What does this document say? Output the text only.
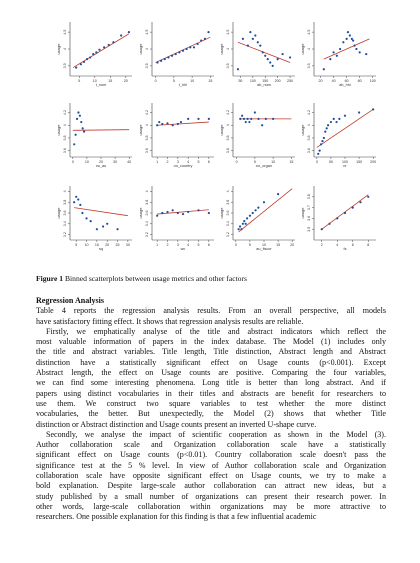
3.5
4
4.5
usage
5	10	15	20
t_num
3.5
4
4.5
usage
0	5	10	15
t_hhi
3.5
4
4.5
usage
50 100 150 200 250
ab_num
3.5
4
4.5
usage
20	40	60	80 100
ab_hhi
3.6
3.8
4
4.2
usage
0	10	20	30	40
no_au
3.6
3.8
4
4.2
usage
1 2 3 4 5 6
no_country
3.6
3.8
4
4.2
usage
0	5	10	15
no_organ
3.6
3.8
4
4.2
usage
0	50	100 150 200
nr
3.2
3.4
3.6
3.8
4
usage
5 10 15 20 25 30
sq
3.2
3.4
3.6
3.8
4
usage
1 2 3 4 5 6
wc
3.2
3.4
3.6
3.8
4
usage
0	5	10	15	20
au_fiscor
3.5
3.6
3.7
3.8
usage
2	4	6	8
fs
Figure 1 Binned scatterplots between usage metrics and other factors

Regression Analysis

Table 4 reports the regression analysis results. From an overall perspective, all models

have satisfactory fitting effect. It shows that regression analysis results are reliable.

Firstly, we emphatically analyse of the title and abstract indicators which reflect the

most valuable information of papers in the index database. The Model (1) includes only

the title and abstract variables. Title length, Title distinction, Abstract length and Abstract

distinction have a statistically significant effect on Usage counts (p<0.001). Except

Abstract length, the effect on Usage counts are positive. Comparing the four variables,

we can find some interesting phenomena. Long title is better than long abstract. And if

papers using distinct vocabularies in their titles and abstracts are benefit for researchers to

use them. We construct two square variables to test whether the more distinct

vocabularies, the better. But unexpectedly, the Model (2) shows that whether Title

distinction or Abstract distinction and Usage counts present an inverted U-shape curve.

Secondly, we analyse the impact of scientific cooperation as shown in the Model (3).

Author collaboration scale and Organization collaboration scale have a statistically

significant effect on Usage counts (p<0.01). Country collaboration scale doesn't pass the

significance test at the 5 % level. In view of Author collaboration scale and Organization

collaboration scale have opposite significant effect on Usage counts, we try to make a

bold explanation. Despite large-scale author collaboration can attract new ideas, but a

study published by a small number of organizations can present their research power. In

other words, large-scale collaboration within organizations may be more attractive to

researchers. One possible explanation for this finding is that a few influential academic
